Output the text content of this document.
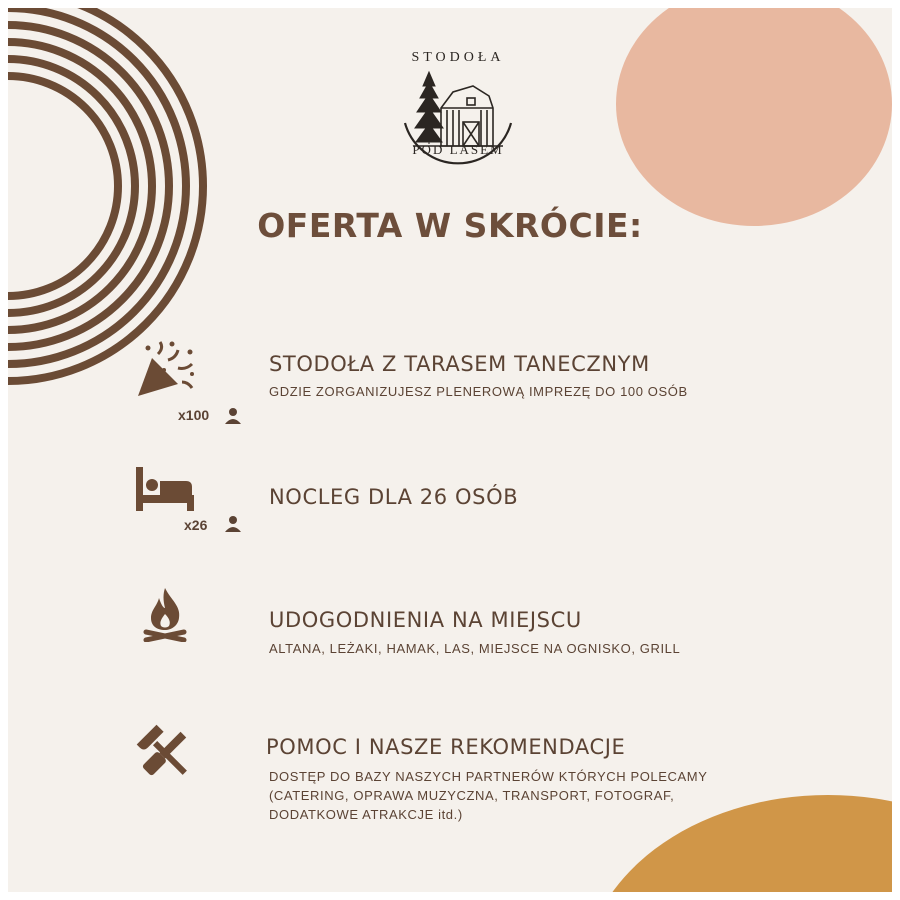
STODOŁA
POD LASEM
OFERTA W SKRÓCIE:
x100
STODOŁA Z TARASEM TANECZNYM
GDZIE ZORGANIZUJESZ PLENEROWĄ IMPREZĘ DO 100 OSÓB
x26
NOCLEG DLA 26 OSÓB
UDOGODNIENIA NA MIEJSCU
ALTANA, LEŻAKI, HAMAK, LAS, MIEJSCE NA OGNISKO, GRILL
POMOC I NASZE REKOMENDACJE
DOSTĘP DO BAZY NASZYCH PARTNERÓW KTÓRYCH POLECAMY
(CATERING, OPRAWA MUZYCZNA, TRANSPORT, FOTOGRAF,
DODATKOWE ATRAKCJE itd.)
